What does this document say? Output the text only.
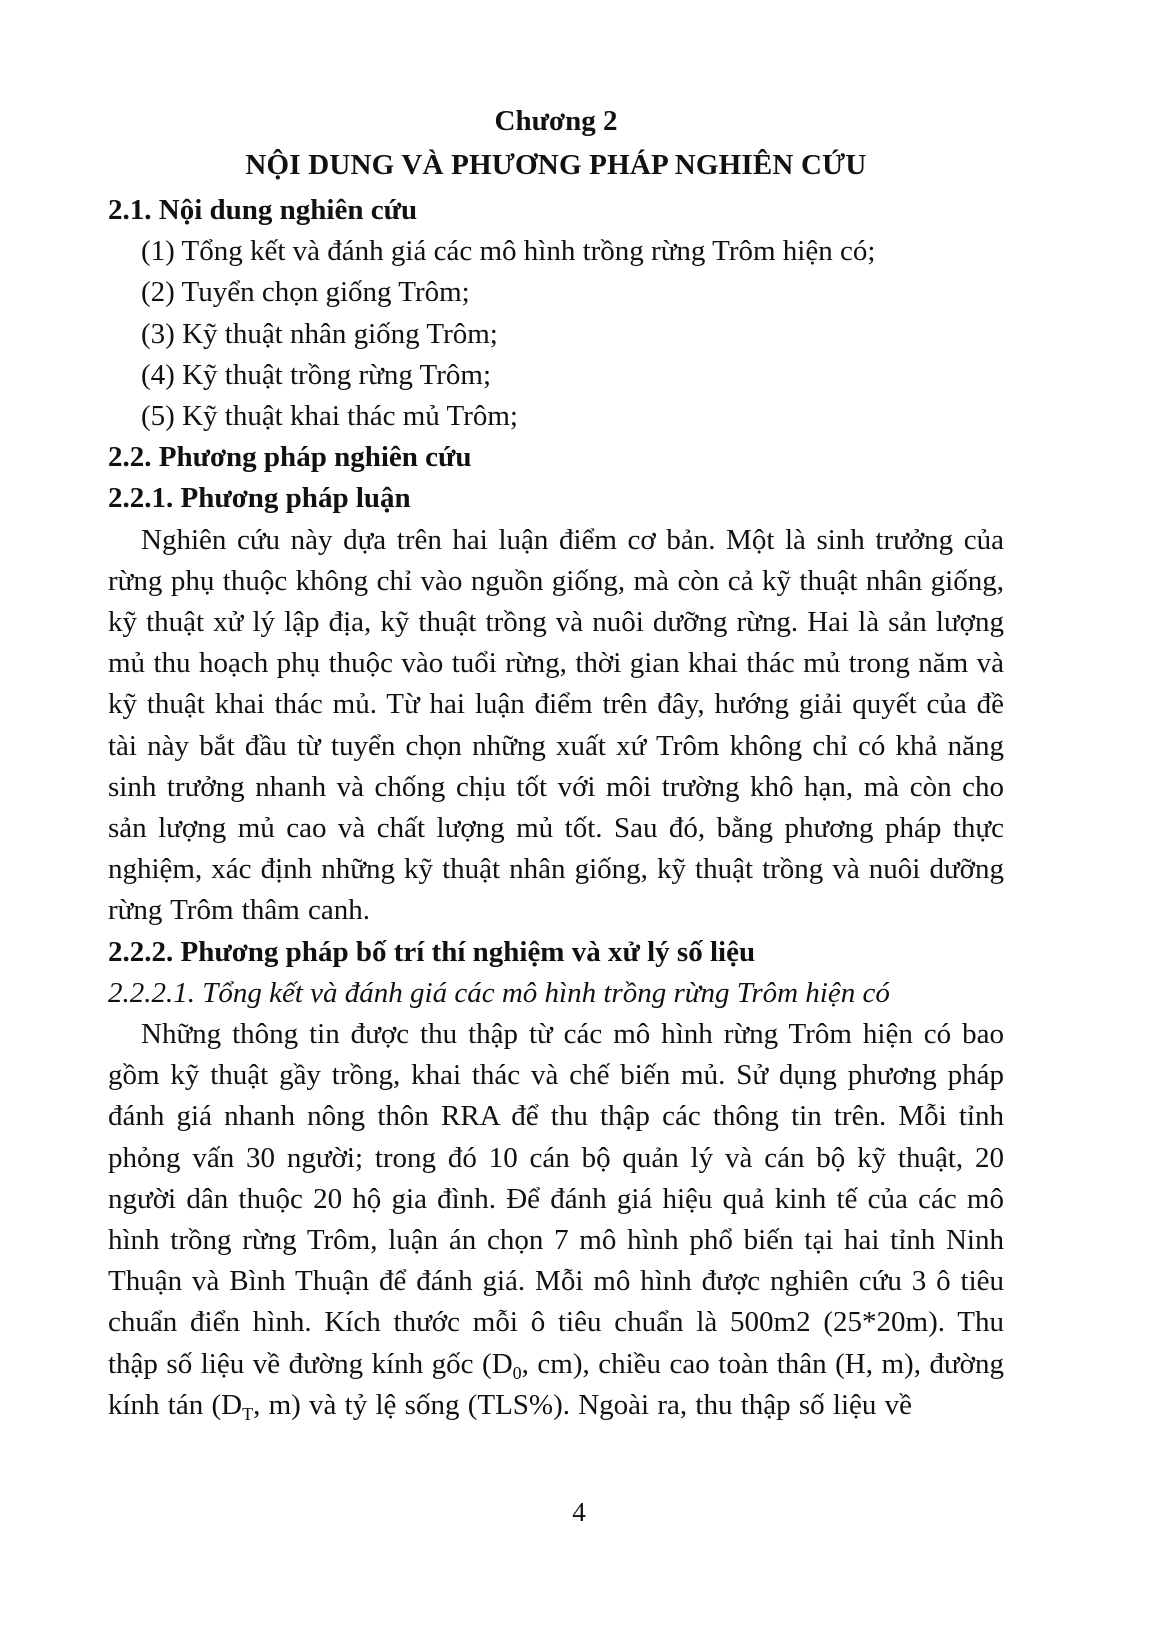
Chương 2

NỘI DUNG VÀ PHƯƠNG PHÁP NGHIÊN CỨU

2.1. Nội dung nghiên cứu

(1) Tổng kết và đánh giá các mô hình trồng rừng Trôm hiện có;
(2) Tuyển chọn giống Trôm;
(3) Kỹ thuật nhân giống Trôm;
(4) Kỹ thuật trồng rừng Trôm;
(5) Kỹ thuật khai thác mủ Trôm;

2.2. Phương pháp nghiên cứu

2.2.1. Phương pháp luận

Nghiên cứu này dựa trên hai luận điểm cơ bản. Một là sinh trưởng của rừng phụ thuộc không chỉ vào nguồn giống, mà còn cả kỹ thuật nhân giống, kỹ thuật xử lý lập địa, kỹ thuật trồng và nuôi dưỡng rừng. Hai là sản lượng mủ thu hoạch phụ thuộc vào tuổi rừng, thời gian khai thác mủ trong năm và kỹ thuật khai thác mủ. Từ hai luận điểm trên đây, hướng giải quyết của đề tài này bắt đầu từ tuyển chọn những xuất xứ Trôm không chỉ có khả năng sinh trưởng nhanh và chống chịu tốt với môi trường khô hạn, mà còn cho sản lượng mủ cao và chất lượng mủ tốt. Sau đó, bằng phương pháp thực nghiệm, xác định những kỹ thuật nhân giống, kỹ thuật trồng và nuôi dưỡng rừng Trôm thâm canh.

2.2.2. Phương pháp bố trí thí nghiệm và xử lý số liệu

2.2.2.1. Tổng kết và đánh giá các mô hình trồng rừng Trôm hiện có

Những thông tin được thu thập từ các mô hình rừng Trôm hiện có bao gồm kỹ thuật gầy trồng, khai thác và chế biến mủ. Sử dụng phương pháp đánh giá nhanh nông thôn RRA để thu thập các thông tin trên. Mỗi tỉnh phỏng vấn 30 người; trong đó 10 cán bộ quản lý và cán bộ kỹ thuật, 20 người dân thuộc 20 hộ gia đình. Để đánh giá hiệu quả kinh tế của các mô hình trồng rừng Trôm, luận án chọn 7 mô hình phổ biến tại hai tỉnh Ninh Thuận và Bình Thuận để đánh giá. Mỗi mô hình được nghiên cứu 3 ô tiêu chuẩn điển hình. Kích thước mỗi ô tiêu chuẩn là 500m2 (25*20m). Thu thập số liệu về đường kính gốc ($D_0$, cm), chiều cao toàn thân (H, m), đường kính tán ($D_T$, m) và tỷ lệ sống (TLS%). Ngoài ra, thu thập số liệu về

4
